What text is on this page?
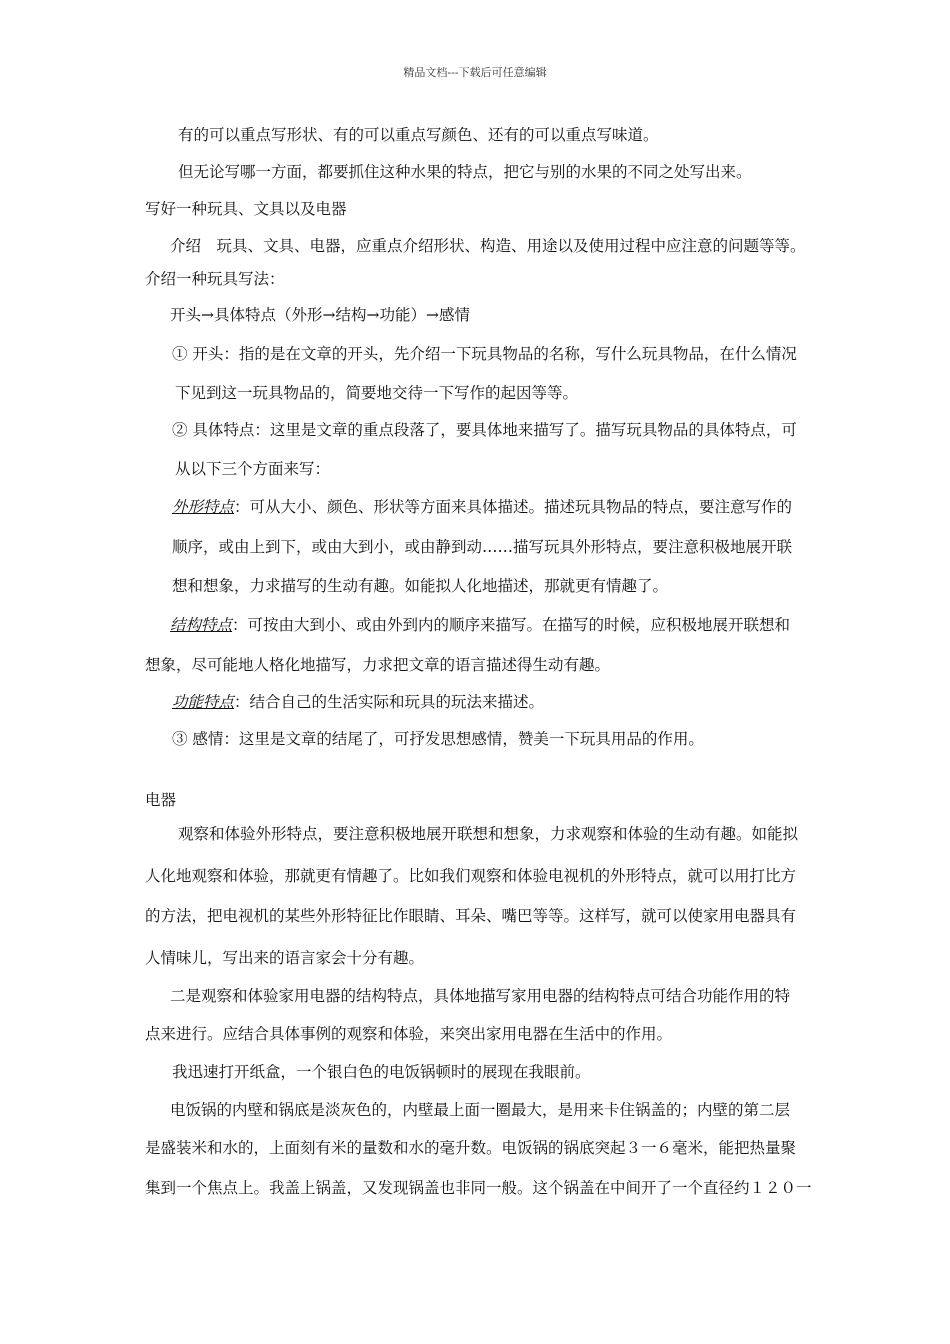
精品文档---下载后可任意编辑
有的可以重点写形状、有的可以重点写颜色、还有的可以重点写味道。
但无论写哪一方面，都要抓住这种水果的特点，把它与别的水果的不同之处写出来。
写好一种玩具、文具以及电器
介绍　玩具、文具、电器，应重点介绍形状、构造、用途以及使用过程中应注意的问题等等。
介绍一种玩具写法：
开头→具体特点（外形→结构→功能）→感情
① 开头：指的是在文章的开头，先介绍一下玩具物品的名称，写什么玩具物品，在什么情况
下见到这一玩具物品的，简要地交待一下写作的起因等等。
② 具体特点：这里是文章的重点段落了，要具体地来描写了。描写玩具物品的具体特点，可
从以下三个方面来写：
外形特点：可从大小、颜色、形状等方面来具体描述。描述玩具物品的特点，要注意写作的
顺序，或由上到下，或由大到小，或由静到动……描写玩具外形特点，要注意积极地展开联
想和想象，力求描写的生动有趣。如能拟人化地描述，那就更有情趣了。
结构特点：可按由大到小、或由外到内的顺序来描写。在描写的时候，应积极地展开联想和
想象，尽可能地人格化地描写，力求把文章的语言描述得生动有趣。
功能特点：结合自己的生活实际和玩具的玩法来描述。
③ 感情：这里是文章的结尾了，可抒发思想感情，赞美一下玩具用品的作用。
电器
观察和体验外形特点，要注意积极地展开联想和想象，力求观察和体验的生动有趣。如能拟
人化地观察和体验，那就更有情趣了。比如我们观察和体验电视机的外形特点，就可以用打比方
的方法，把电视机的某些外形特征比作眼睛、耳朵、嘴巴等等。这样写，就可以使家用电器具有
人情味儿，写出来的语言家会十分有趣。
二是观察和体验家用电器的结构特点，具体地描写家用电器的结构特点可结合功能作用的特
点来进行。应结合具体事例的观察和体验，来突出家用电器在生活中的作用。
我迅速打开纸盒，一个银白色的电饭锅顿时的展现在我眼前。
电饭锅的内壁和锅底是淡灰色的，内壁最上面一圈最大，是用来卡住锅盖的；内壁的第二层
是盛装米和水的，上面刻有米的量数和水的毫升数。电饭锅的锅底突起３一６毫米，能把热量聚
集到一个焦点上。我盖上锅盖，又发现锅盖也非同一般。这个锅盖在中间开了一个直径约１２０一
